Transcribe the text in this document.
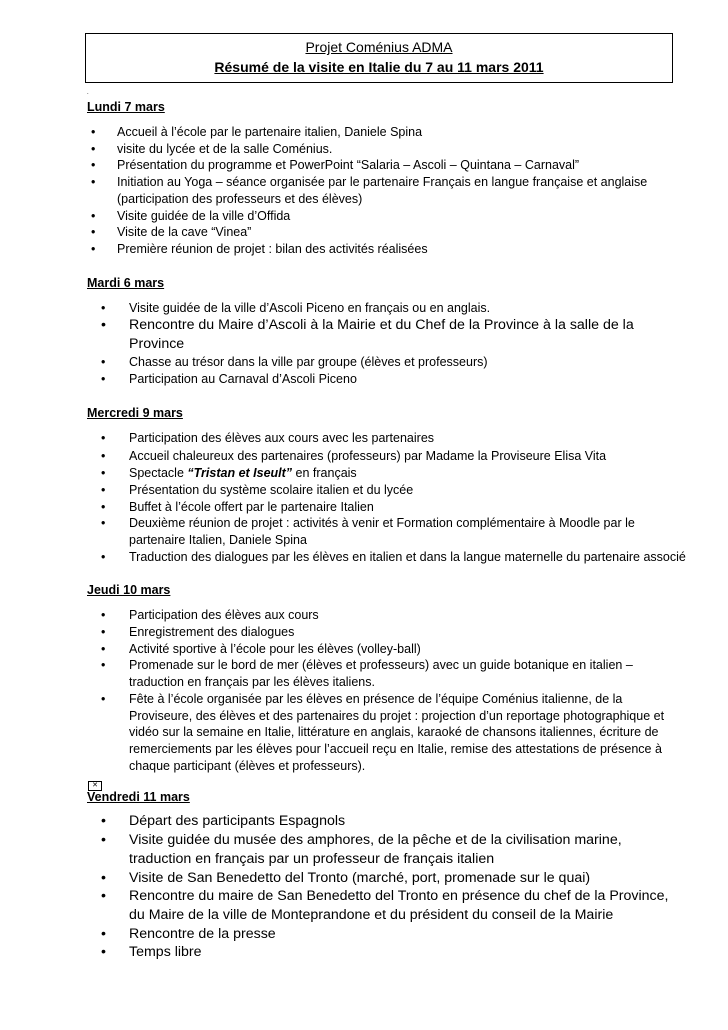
Projet Coménius ADMA
Résumé de la visite en Italie du 7 au 11 mars 2011
.
Lundi 7 mars
•	Accueil à l’école par le partenaire italien, Daniele Spina
•	visite du lycée et de la salle Coménius.
•	Présentation du programme et PowerPoint “Salaria – Ascoli – Quintana – Carnaval”
•	Initiation au Yoga – séance organisée par le partenaire Français en langue française et anglaise (participation des professeurs et des élèves)
•	Visite guidée de la ville d’Offida
•	Visite de la cave “Vinea”
•	Première réunion de projet : bilan des activités réalisées
Mardi 6 mars
•	Visite guidée de la ville d’Ascoli Piceno en français ou en anglais.
•	Rencontre du Maire d’Ascoli à la Mairie et du Chef de la Province à la salle de la Province
•	Chasse au trésor dans la ville par groupe (élèves et professeurs)
•	Participation au Carnaval d’Ascoli Piceno
Mercredi 9 mars
•	Participation des élèves aux cours avec les partenaires
•	Accueil chaleureux des partenaires (professeurs) par Madame la Proviseure Elisa Vita
•	Spectacle “Tristan et Iseult” en français
•	Présentation du système scolaire italien et du lycée
•	Buffet à l’école offert par le partenaire Italien
•	Deuxième réunion de projet : activités à venir et Formation complémentaire à Moodle par le partenaire Italien, Daniele Spina
•	Traduction des dialogues par les élèves en italien et dans la langue maternelle du partenaire associé
Jeudi 10 mars
•	Participation des élèves aux cours
•	Enregistrement des dialogues
•	Activité sportive à l’école pour les élèves (volley-ball)
•	Promenade sur le bord de mer (élèves et professeurs) avec un guide botanique en italien – traduction en français par les élèves italiens.
•	Fête à l’école organisée par les élèves en présence de l’équipe Coménius italienne, de la Proviseure, des élèves et des partenaires du projet : projection d’un reportage photographique et vidéo sur la semaine en Italie, littérature en anglais, karaoké de chansons italiennes, écriture de remerciements par les élèves pour l’accueil reçu en Italie, remise des attestations de présence à chaque participant (élèves et professeurs).
✕
Vendredi 11 mars
•	Départ des participants Espagnols
•	Visite guidée du musée des amphores, de la pêche et de la civilisation marine, traduction en français par un professeur de français italien
•	Visite de San Benedetto del Tronto (marché, port, promenade sur le quai)
•	Rencontre du maire de San Benedetto del Tronto en présence du chef de la Province, du Maire de la ville de Monteprandone et du président du conseil de la Mairie
•	Rencontre de la presse
•	Temps libre
